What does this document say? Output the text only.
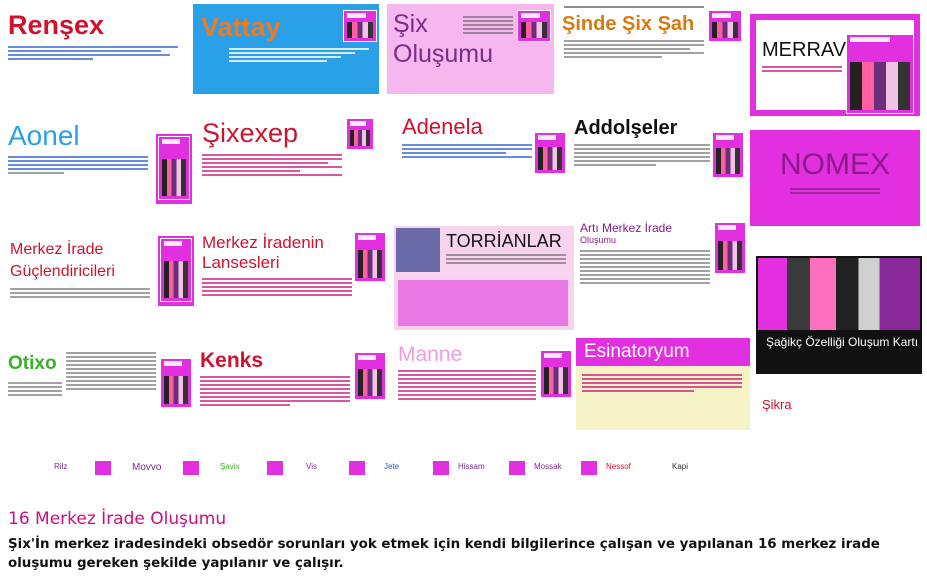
Renşex	Vattay	Şix
Oluşumu
Şinde Şix Şah
MERRAV
Aonel	Şixexep	Adenela	Addolşeler
NOMEX
Merkez İrade
Güçlendiricileri
Merkez İradenin
Lansesleri
TORRİANLAR
Artı Merkez İrade
Oluşumu
Şağikç Özelliği Oluşum Kartı
Otixo	Kenks	Manne	Esinatoryum
Şikra
Rilz	Movvo	Şavix	Vis	Jete	Hissam	Mossak	Nessof	Kapi
16 Merkez İrade Oluşumu
Şix'İn merkez iradesindeki obsedör sorunları yok etmek için kendi bilgilerince çalışan ve yapılanan 16 merkez irade oluşumu gereken şekilde yapılanır ve çalışır.
